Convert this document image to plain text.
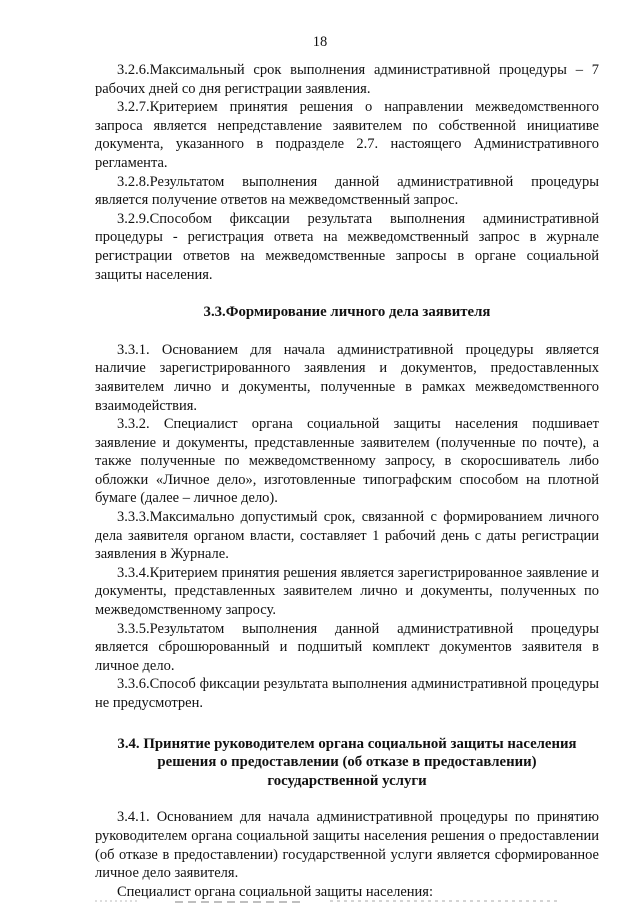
18

3.2.6.Максимальный срок выполнения административной процедуры – 7 рабочих дней со дня регистрации заявления.

3.2.7.Критерием принятия решения о направлении межведомственного запроса является непредставление заявителем по собственной инициативе документа, указанного в подразделе 2.7. настоящего Административного регламента.

3.2.8.Результатом выполнения данной административной процедуры является получение ответов на межведомственный запрос.

3.2.9.Способом фиксации результата выполнения административной процедуры - регистрация ответа на межведомственный запрос в журнале регистрации ответов на межведомственные запросы в органе социальной защиты населения.

3.3.Формирование личного дела заявителя

3.3.1. Основанием для начала административной процедуры является наличие зарегистрированного заявления и документов, предоставленных заявителем лично и документы, полученные в рамках межведомственного взаимодействия.

3.3.2. Специалист органа социальной защиты населения подшивает заявление и документы, представленные заявителем (полученные по почте), а также полученные по межведомственному запросу, в скоросшиватель либо обложки «Личное дело», изготовленные типографским способом на плотной бумаге (далее – личное дело).

3.3.3.Максимально допустимый срок, связанной с формированием личного дела заявителя органом власти, составляет 1 рабочий день с даты регистрации заявления в Журнале.

3.3.4.Критерием принятия решения является зарегистрированное заявление и документы, представленных заявителем лично и документы, полученных по межведомственному запросу.

3.3.5.Результатом выполнения данной административной процедуры является сброшюрованный и подшитый комплект документов заявителя в личное дело.

3.3.6.Способ фиксации результата выполнения административной процедуры не предусмотрен.

3.4. Принятие руководителем органа социальной защиты населения
решения о предоставлении (об отказе в предоставлении)
государственной услуги

3.4.1. Основанием для начала административной процедуры по принятию руководителем органа социальной защиты населения решения о предоставлении (об отказе в предоставлении) государственной услуги является сформированное личное дело заявителя.

Специалист органа социальной защиты населения:
